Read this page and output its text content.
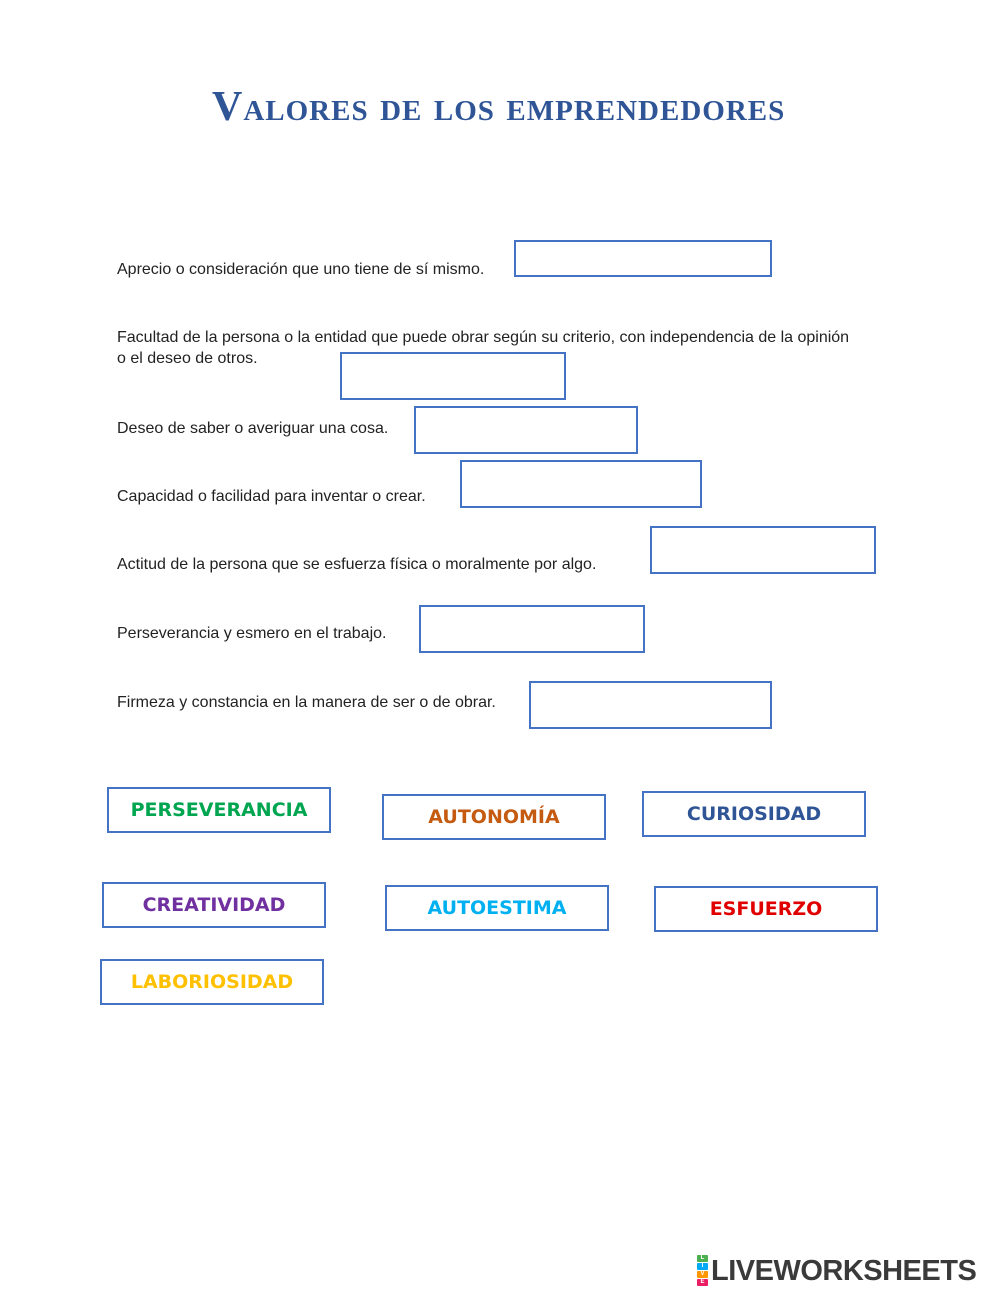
Valores de los emprendedores
Aprecio o consideración que uno tiene de sí mismo.
Facultad de la persona o la entidad que puede obrar según su criterio, con independencia de la opinión o el deseo de otros.
Deseo de saber o averiguar una cosa.
Capacidad o facilidad para inventar o crear.
Actitud de la persona que se esfuerza física o moralmente por algo.
Perseverancia y esmero en el trabajo.
Firmeza y constancia en la manera de ser o de obrar.
PERSEVERANCIA	AUTONOMÍA	CURIOSIDAD
CREATIVIDAD	AUTOESTIMA	ESFUERZO
LABORIOSIDAD
L
I
V
E LIVEWORKSHEETS
